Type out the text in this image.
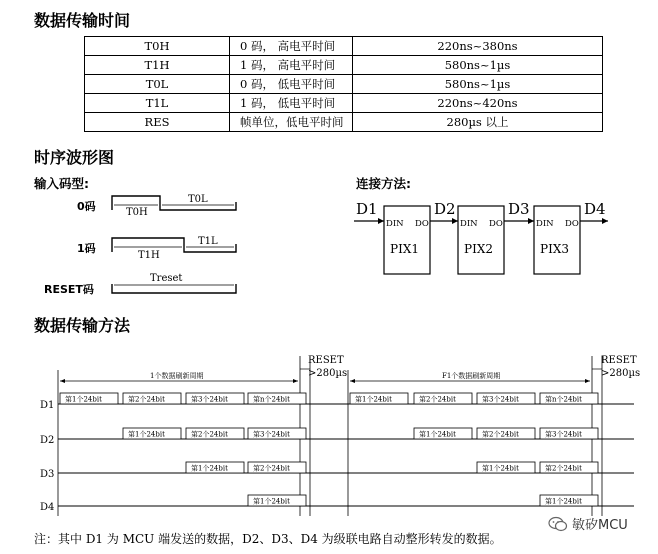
数据传输时间
T0H	0 码， 高电平时间	220ns~380ns
T1H	1 码， 高电平时间	580ns~1µs
T0L	0 码， 低电平时间	580ns~1µs
T1L	1 码， 低电平时间	220ns~420ns
RES	帧单位，低电平时间	280µs 以上
时序波形图
输入码型:	连接方法:
0码
1码
RESET码
T0H
T0L
T1H
T1L
Treset
D1	D2	D3	D4
DIN DO	DIN DO	DIN DO
PIX1	PIX2	PIX3
数据传输方法
第1个24bit	第2个24bit	第3个24bit	第n个24bit	第1个24bit	第2个24bit	第3个24bit	第n个24bit
第1个24bit	第2个24bit	第3个24bit	第1个24bit	第2个24bit	第3个24bit
第1个24bit	第2个24bit	第1个24bit	第2个24bit
第1个24bit	第1个24bit
RESET
>280µs
RESET
>280µs
1个数据刷新周期	F1个数据刷新周期
D1
D2
D3
D4
注：其中 D1 为 MCU 端发送的数据，D2、D3、D4 为级联电路自动整形转发的数据。
敏矽MCU
